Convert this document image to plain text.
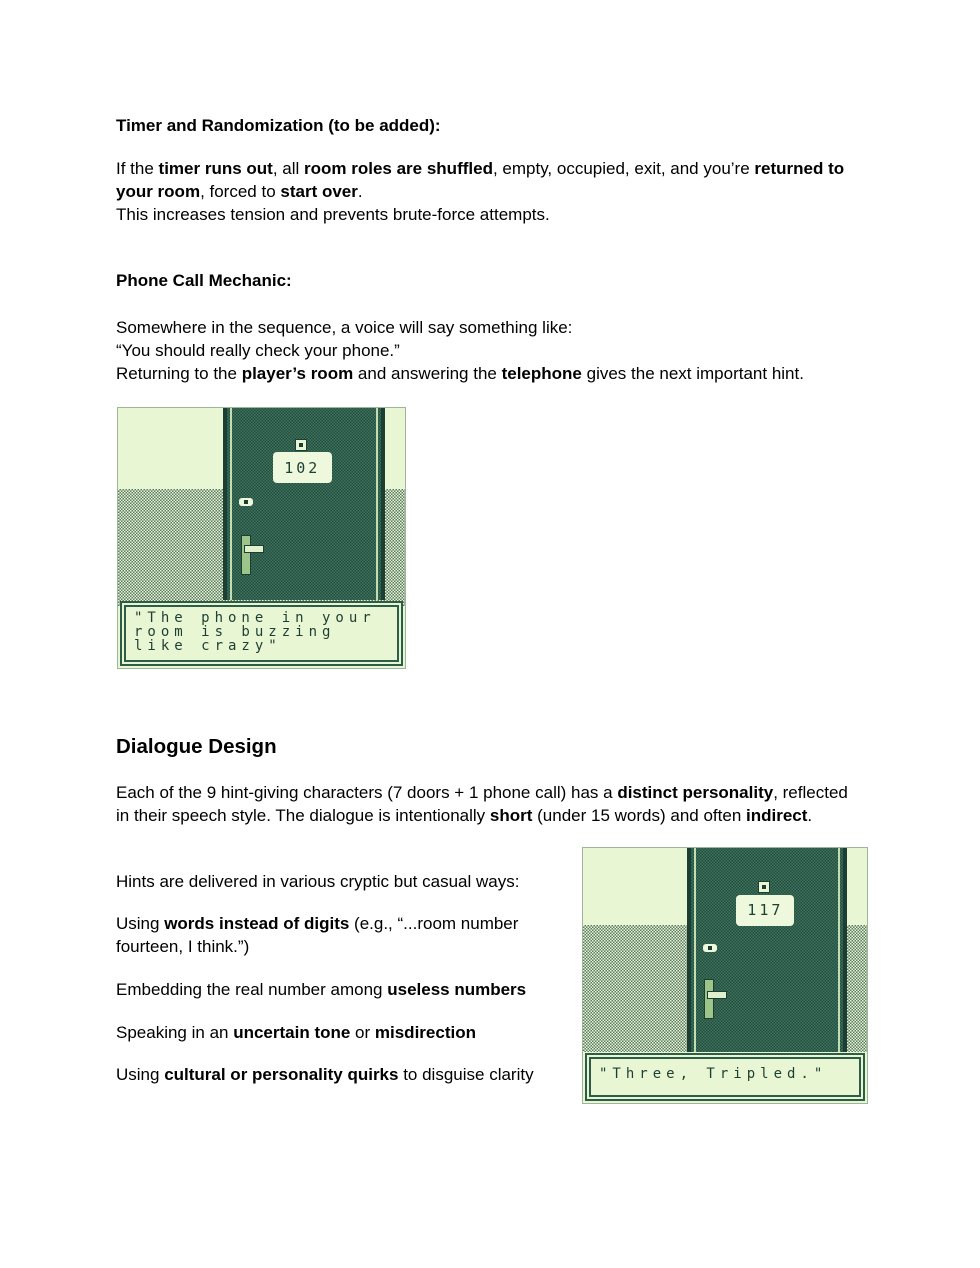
Timer and Randomization (to be added):

If the timer runs out, all room roles are shuffled, empty, occupied, exit, and you’re returned to your room, forced to start over.
This increases tension and prevents brute-force attempts.

Phone Call Mechanic:

Somewhere in the sequence, a voice will say something like:
“You should really check your phone.”
Returning to the player’s room and answering the telephone gives the next important hint.

102
"The phone in your
room is buzzing
like crazy"
Dialogue Design

Each of the 9 hint-giving characters (7 doors + 1 phone call) has a distinct personality, reflected in their speech style. The dialogue is intentionally short (under 15 words) and often indirect.

Hints are delivered in various cryptic but casual ways:

Using words instead of digits (e.g., “...room number fourteen, I think.”)

Embedding the real number among useless numbers

Speaking in an uncertain tone or misdirection

Using cultural or personality quirks to disguise clarity

117
"Three, Tripled."
